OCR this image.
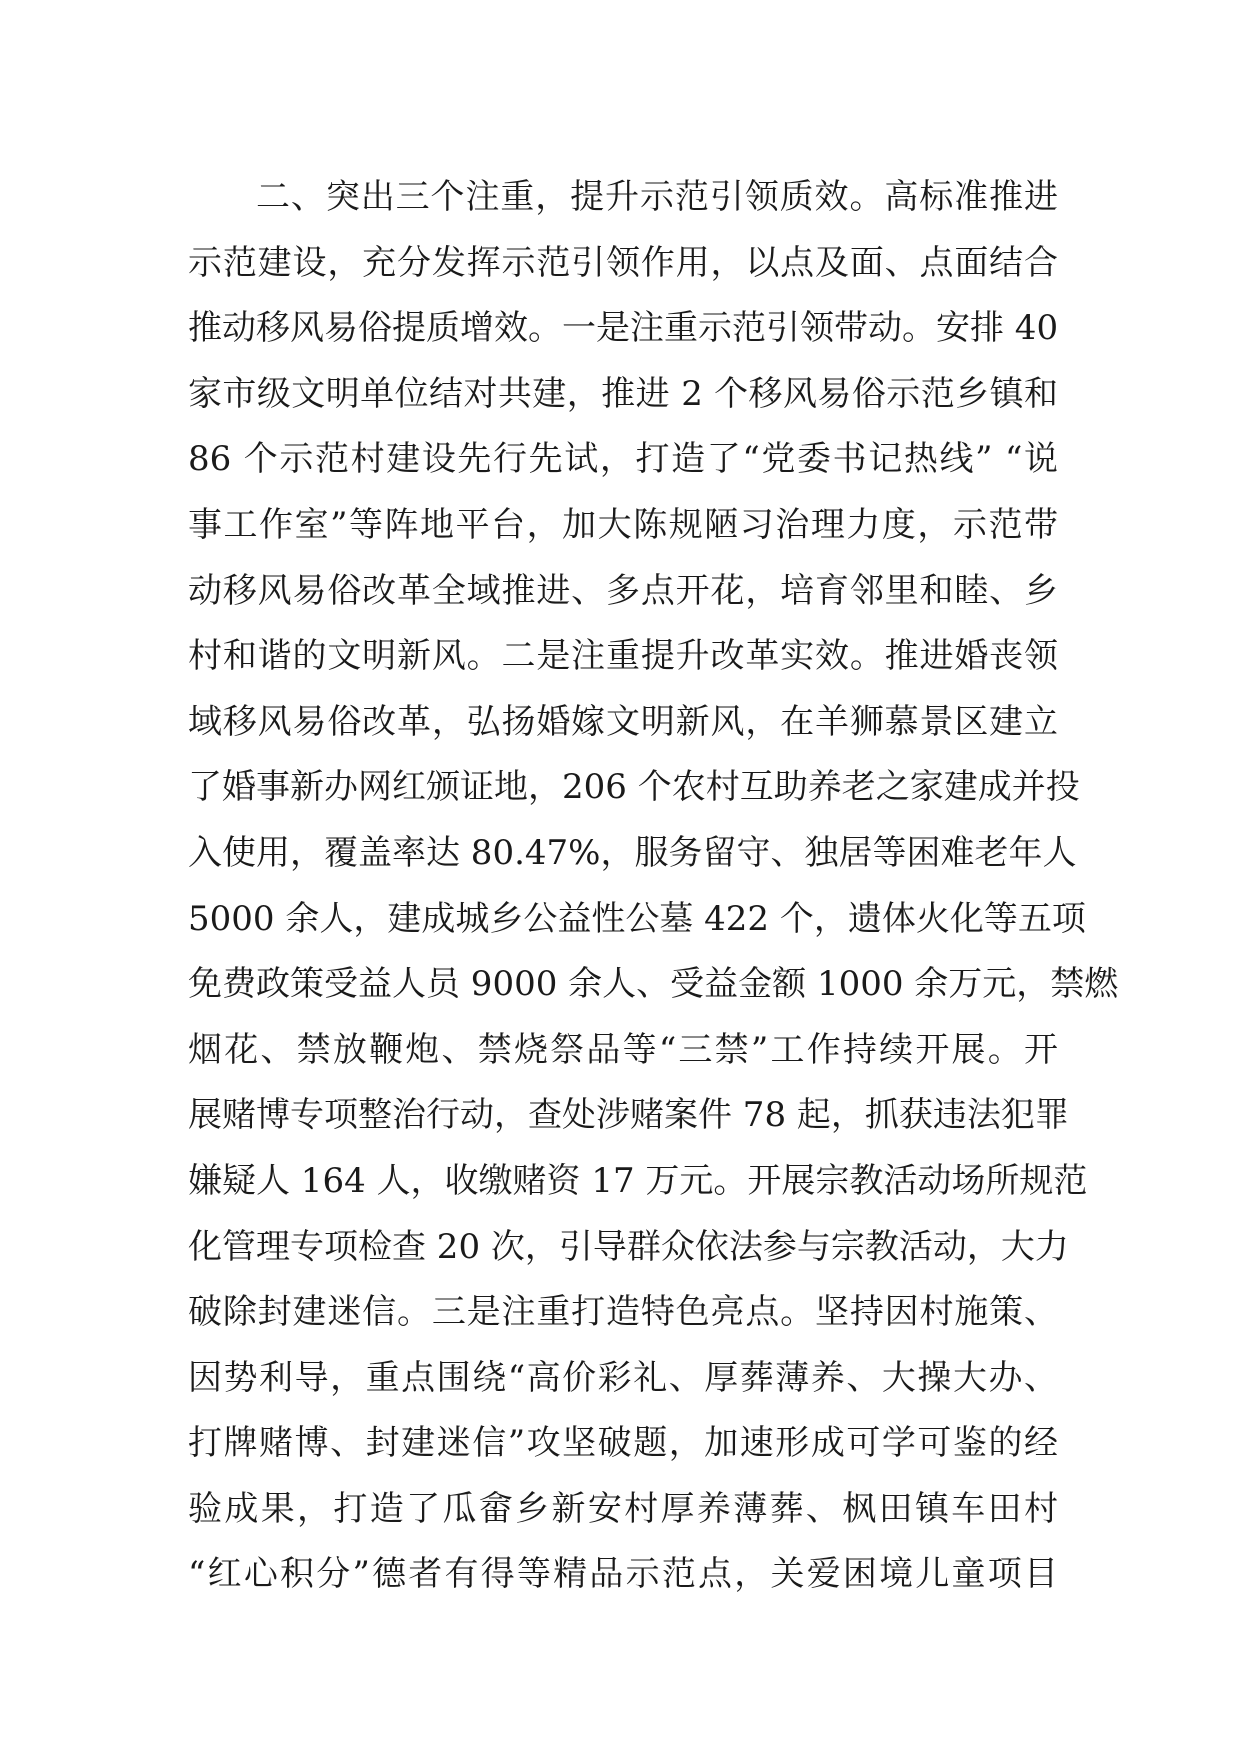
二、突出三个注重，提升示范引领质效。高标准推进
示范建设，充分发挥示范引领作用，以点及面、点面结合
推动移风易俗提质增效。一是注重示范引领带动。安排 40
家市级文明单位结对共建，推进 2 个移风易俗示范乡镇和
86 个示范村建设先行先试，打造了“党委书记热线” “说
事工作室”等阵地平台，加大陈规陋习治理力度，示范带
动移风易俗改革全域推进、多点开花，培育邻里和睦、乡
村和谐的文明新风。二是注重提升改革实效。推进婚丧领
域移风易俗改革，弘扬婚嫁文明新风，在羊狮慕景区建立
了婚事新办网红颁证地，206 个农村互助养老之家建成并投
入使用，覆盖率达 80.47%，服务留守、独居等困难老年人
5000 余人，建成城乡公益性公墓 422 个，遗体火化等五项
免费政策受益人员 9000 余人、受益金额 1000 余万元，禁燃
烟花、禁放鞭炮、禁烧祭品等“三禁”工作持续开展。开
展赌博专项整治行动，查处涉赌案件 78 起，抓获违法犯罪
嫌疑人 164 人，收缴赌资 17 万元。开展宗教活动场所规范
化管理专项检查 20 次，引导群众依法参与宗教活动，大力
破除封建迷信。三是注重打造特色亮点。坚持因村施策、
因势利导，重点围绕“高价彩礼、厚葬薄养、大操大办、
打牌赌博、封建迷信”攻坚破题，加速形成可学可鉴的经
验成果，打造了瓜畲乡新安村厚养薄葬、枫田镇车田村
“红心积分”德者有得等精品示范点，关爱困境儿童项目
